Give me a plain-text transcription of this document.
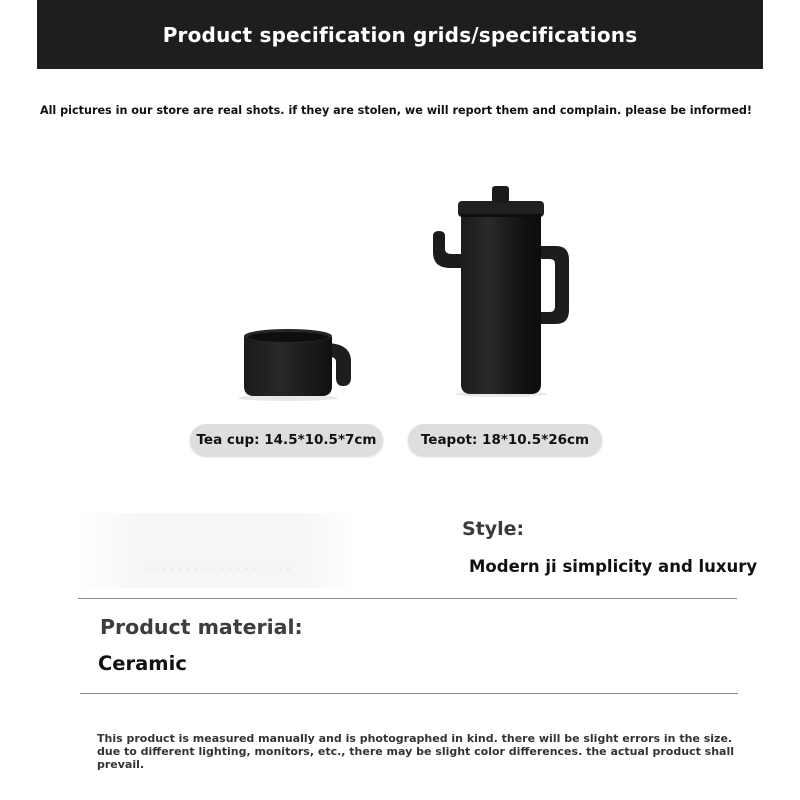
Product specification grids/specifications
All pictures in our store are real shots. if they are stolen, we will report them and complain. please be informed!
Tea cup: 14.5*10.5*7cm	Teapot: 18*10.5*26cm
· · · · · · · · · · · · · · · · · ·
Style:
Modern ji simplicity and luxury
Product material:
Ceramic
This product is measured manually and is photographed in kind. there will be slight errors in the size.
due to different lighting, monitors, etc., there may be slight color differences. the actual product shall
prevail.
